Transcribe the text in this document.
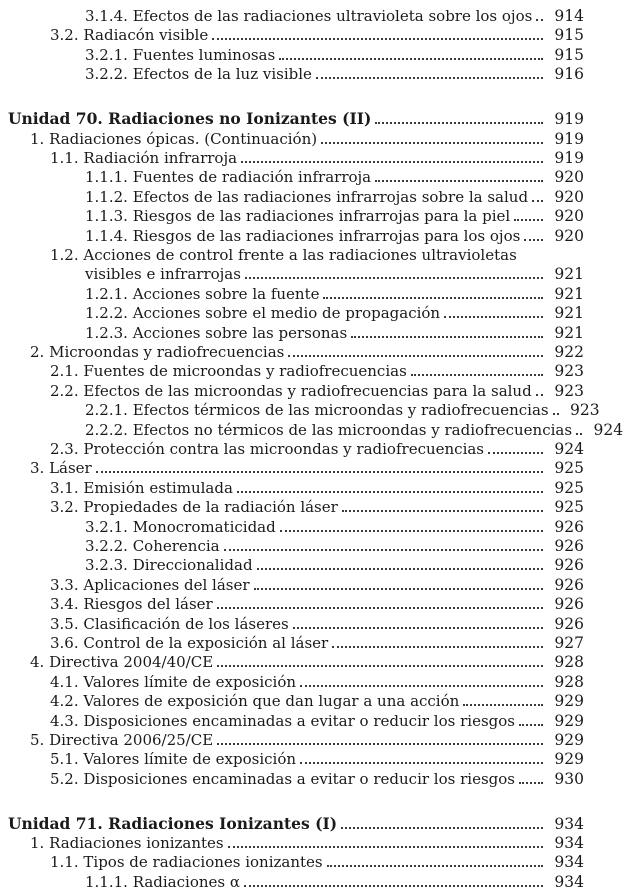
3.1.4. Efectos de las radiaciones ultravioleta sobre los ojos	914
3.2. Radiacón visible	915
3.2.1. Fuentes luminosas	915
3.2.2. Efectos de la luz visible	916
Unidad 70. Radiaciones no Ionizantes (II)	919
1. Radiaciones ópicas. (Continuación)	919
1.1. Radiación infrarroja	919
1.1.1. Fuentes de radiación infrarroja	920
1.1.2. Efectos de las radiaciones infrarrojas sobre la salud	920
1.1.3. Riesgos de las radiaciones infrarrojas para la piel	920
1.1.4. Riesgos de las radiaciones infrarrojas para los ojos	920
1.2. Acciones de control frente a las radiaciones ultravioletas
visibles e infrarrojas	921
1.2.1. Acciones sobre la fuente	921
1.2.2. Acciones sobre el medio de propagación	921
1.2.3. Acciones sobre las personas	921
2. Microondas y radiofrecuencias	922
2.1. Fuentes de microondas y radiofrecuencias	923
2.2. Efectos de las microondas y radiofrecuencias para la salud	923
2.2.1. Efectos térmicos de las microondas y radiofrecuencias	923
2.2.2. Efectos no térmicos de las microondas y radiofrecuencias	924
2.3. Protección contra las microondas y radiofrecuencias	924
3. Láser	925
3.1. Emisión estimulada	925
3.2. Propiedades de la radiación láser	925
3.2.1. Monocromaticidad	926
3.2.2. Coherencia	926
3.2.3. Direccionalidad	926
3.3. Aplicaciones del láser	926
3.4. Riesgos del láser	926
3.5. Clasificación de los láseres	926
3.6. Control de la exposición al láser	927
4. Directiva 2004/40/CE	928
4.1. Valores límite de exposición	928
4.2. Valores de exposición que dan lugar a una acción	929
4.3. Disposiciones encaminadas a evitar o reducir los riesgos	929
5. Directiva 2006/25/CE	929
5.1. Valores límite de exposición	929
5.2. Disposiciones encaminadas a evitar o reducir los riesgos	930
Unidad 71. Radiaciones Ionizantes (I)	934
1. Radiaciones ionizantes	934
1.1. Tipos de radiaciones ionizantes	934
1.1.1. Radiaciones α	934
